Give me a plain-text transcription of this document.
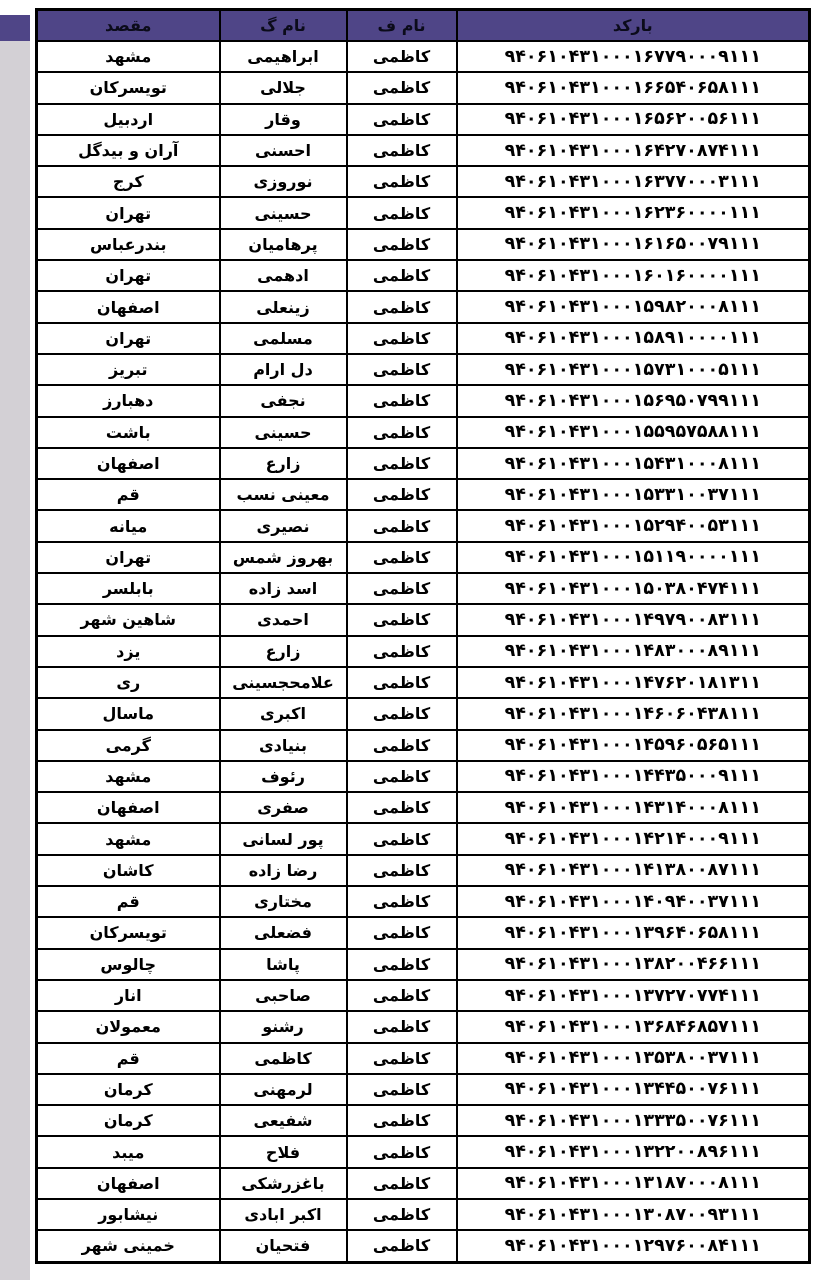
بارکد	نام ف	نام گ	مقصد
۹۴۰۶۱۰۴۳۱۰۰۰۱۶۷۷۹۰۰۰۹۱۱۱	کاظمی	ابراهیمی	مشهد
۹۴۰۶۱۰۴۳۱۰۰۰۱۶۶۵۴۰۶۵۸۱۱۱	کاظمی	جلالی	تویسرکان
۹۴۰۶۱۰۴۳۱۰۰۰۱۶۵۶۲۰۰۵۶۱۱۱	کاظمی	وقار	اردبیل
۹۴۰۶۱۰۴۳۱۰۰۰۱۶۴۲۷۰۸۷۴۱۱۱	کاظمی	احسنی	آران و بیدگل
۹۴۰۶۱۰۴۳۱۰۰۰۱۶۳۷۷۰۰۰۳۱۱۱	کاظمی	نوروزی	کرج
۹۴۰۶۱۰۴۳۱۰۰۰۱۶۲۳۶۰۰۰۰۱۱۱	کاظمی	حسینی	تهران
۹۴۰۶۱۰۴۳۱۰۰۰۱۶۱۶۵۰۰۷۹۱۱۱	کاظمی	پرهامیان	بندرعباس
۹۴۰۶۱۰۴۳۱۰۰۰۱۶۰۱۶۰۰۰۰۱۱۱	کاظمی	ادهمی	تهران
۹۴۰۶۱۰۴۳۱۰۰۰۱۵۹۸۲۰۰۰۸۱۱۱	کاظمی	زینعلی	اصفهان
۹۴۰۶۱۰۴۳۱۰۰۰۱۵۸۹۱۰۰۰۰۱۱۱	کاظمی	مسلمی	تهران
۹۴۰۶۱۰۴۳۱۰۰۰۱۵۷۳۱۰۰۰۵۱۱۱	کاظمی	دل ارام	تبریز
۹۴۰۶۱۰۴۳۱۰۰۰۱۵۶۹۵۰۷۹۹۱۱۱	کاظمی	نجفی	دهبارز
۹۴۰۶۱۰۴۳۱۰۰۰۱۵۵۹۵۷۵۸۸۱۱۱	کاظمی	حسینی	باشت
۹۴۰۶۱۰۴۳۱۰۰۰۱۵۴۳۱۰۰۰۸۱۱۱	کاظمی	زارع	اصفهان
۹۴۰۶۱۰۴۳۱۰۰۰۱۵۳۳۱۰۰۳۷۱۱۱	کاظمی	معینی نسب	قم
۹۴۰۶۱۰۴۳۱۰۰۰۱۵۲۹۴۰۰۵۳۱۱۱	کاظمی	نصیری	میانه
۹۴۰۶۱۰۴۳۱۰۰۰۱۵۱۱۹۰۰۰۰۱۱۱	کاظمی	بهروز شمس	تهران
۹۴۰۶۱۰۴۳۱۰۰۰۱۵۰۳۸۰۴۷۴۱۱۱	کاظمی	اسد زاده	بابلسر
۹۴۰۶۱۰۴۳۱۰۰۰۱۴۹۷۹۰۰۸۳۱۱۱	کاظمی	احمدی	شاهین شهر
۹۴۰۶۱۰۴۳۱۰۰۰۱۴۸۳۰۰۰۸۹۱۱۱	کاظمی	زارع	یزد
۹۴۰۶۱۰۴۳۱۰۰۰۱۴۷۶۲۰۱۸۱۳۱۱	کاظمی	علامحجسینی	ری
۹۴۰۶۱۰۴۳۱۰۰۰۱۴۶۰۶۰۴۳۸۱۱۱	کاظمی	اکبری	ماسال
۹۴۰۶۱۰۴۳۱۰۰۰۱۴۵۹۶۰۵۶۵۱۱۱	کاظمی	بنیادی	گرمی
۹۴۰۶۱۰۴۳۱۰۰۰۱۴۴۳۵۰۰۰۹۱۱۱	کاظمی	رئوف	مشهد
۹۴۰۶۱۰۴۳۱۰۰۰۱۴۳۱۴۰۰۰۸۱۱۱	کاظمی	صفری	اصفهان
۹۴۰۶۱۰۴۳۱۰۰۰۱۴۲۱۴۰۰۰۹۱۱۱	کاظمی	پور لسانی	مشهد
۹۴۰۶۱۰۴۳۱۰۰۰۱۴۱۳۸۰۰۸۷۱۱۱	کاظمی	رضا زاده	کاشان
۹۴۰۶۱۰۴۳۱۰۰۰۱۴۰۹۴۰۰۳۷۱۱۱	کاظمی	مختاری	قم
۹۴۰۶۱۰۴۳۱۰۰۰۱۳۹۶۴۰۶۵۸۱۱۱	کاظمی	فضعلی	تویسرکان
۹۴۰۶۱۰۴۳۱۰۰۰۱۳۸۲۰۰۴۶۶۱۱۱	کاظمی	پاشا	چالوس
۹۴۰۶۱۰۴۳۱۰۰۰۱۳۷۲۷۰۷۷۴۱۱۱	کاظمی	صاحبی	انار
۹۴۰۶۱۰۴۳۱۰۰۰۱۳۶۸۴۶۸۵۷۱۱۱	کاظمی	رشنو	معمولان
۹۴۰۶۱۰۴۳۱۰۰۰۱۳۵۳۸۰۰۳۷۱۱۱	کاظمی	کاظمی	قم
۹۴۰۶۱۰۴۳۱۰۰۰۱۳۴۴۵۰۰۷۶۱۱۱	کاظمی	لرمهنی	کرمان
۹۴۰۶۱۰۴۳۱۰۰۰۱۳۳۳۵۰۰۷۶۱۱۱	کاظمی	شفیعی	کرمان
۹۴۰۶۱۰۴۳۱۰۰۰۱۳۲۲۰۰۸۹۶۱۱۱	کاظمی	فلاح	میبد
۹۴۰۶۱۰۴۳۱۰۰۰۱۳۱۸۷۰۰۰۸۱۱۱	کاظمی	باغزرشکی	اصفهان
۹۴۰۶۱۰۴۳۱۰۰۰۱۳۰۸۷۰۰۹۳۱۱۱	کاظمی	اکبر ابادی	نیشابور
۹۴۰۶۱۰۴۳۱۰۰۰۱۲۹۷۶۰۰۸۴۱۱۱	کاظمی	فتحیان	خمینی شهر
